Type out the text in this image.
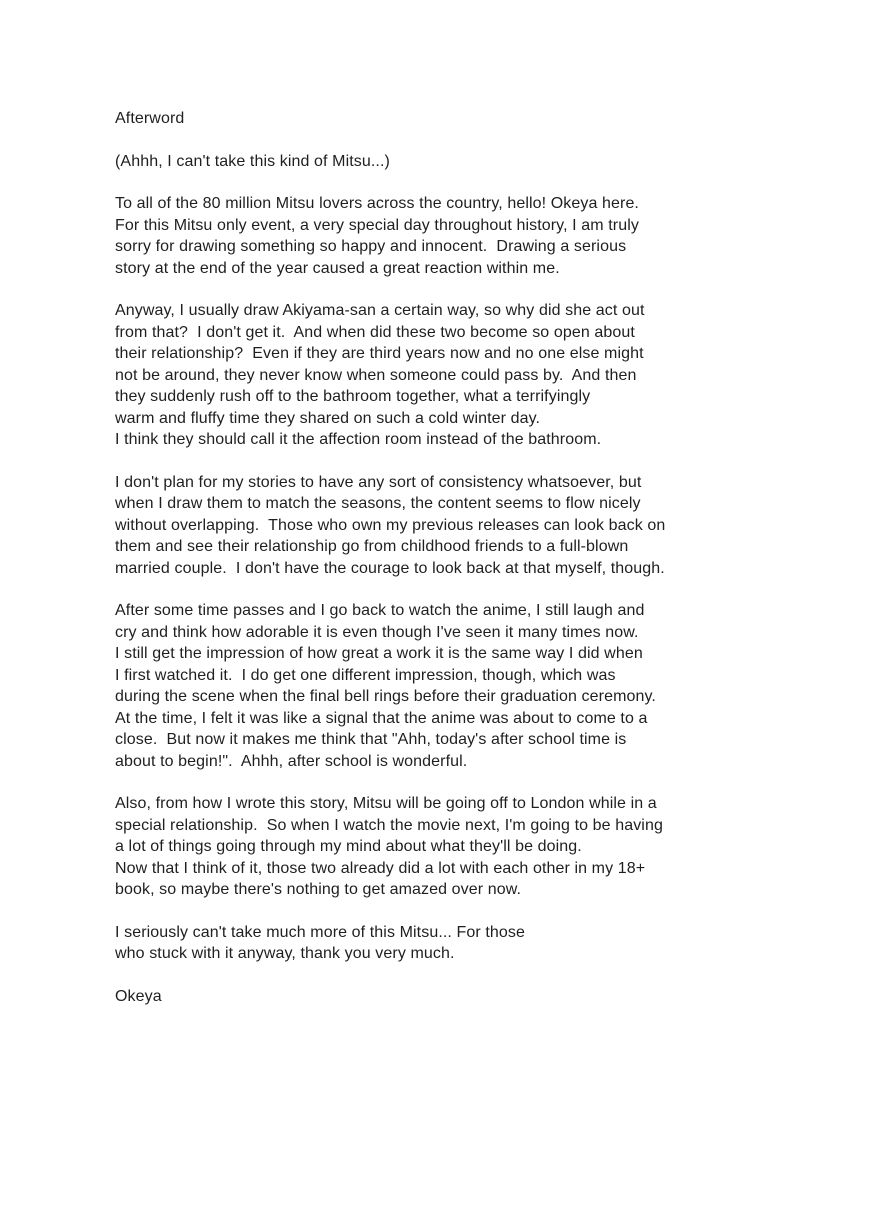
Afterword

(Ahhh, I can't take this kind of Mitsu...)

To all of the 80 million Mitsu lovers across the country, hello! Okeya here.
For this Mitsu only event, a very special day throughout history, I am truly
sorry for drawing something so happy and innocent.  Drawing a serious
story at the end of the year caused a great reaction within me.

Anyway, I usually draw Akiyama-san a certain way, so why did she act out
from that?  I don't get it.  And when did these two become so open about
their relationship?  Even if they are third years now and no one else might
not be around, they never know when someone could pass by.  And then
they suddenly rush off to the bathroom together, what a terrifyingly
warm and fluffy time they shared on such a cold winter day.
I think they should call it the affection room instead of the bathroom.

I don't plan for my stories to have any sort of consistency whatsoever, but
when I draw them to match the seasons, the content seems to flow nicely
without overlapping.  Those who own my previous releases can look back on
them and see their relationship go from childhood friends to a full-blown
married couple.  I don't have the courage to look back at that myself, though.

After some time passes and I go back to watch the anime, I still laugh and
cry and think how adorable it is even though I've seen it many times now.
I still get the impression of how great a work it is the same way I did when
I first watched it.  I do get one different impression, though, which was
during the scene when the final bell rings before their graduation ceremony.
At the time, I felt it was like a signal that the anime was about to come to a
close.  But now it makes me think that "Ahh, today's after school time is
about to begin!".  Ahhh, after school is wonderful.

Also, from how I wrote this story, Mitsu will be going off to London while in a
special relationship.  So when I watch the movie next, I'm going to be having
a lot of things going through my mind about what they'll be doing.
Now that I think of it, those two already did a lot with each other in my 18+
book, so maybe there's nothing to get amazed over now.

I seriously can't take much more of this Mitsu... For those
who stuck with it anyway, thank you very much.

Okeya
